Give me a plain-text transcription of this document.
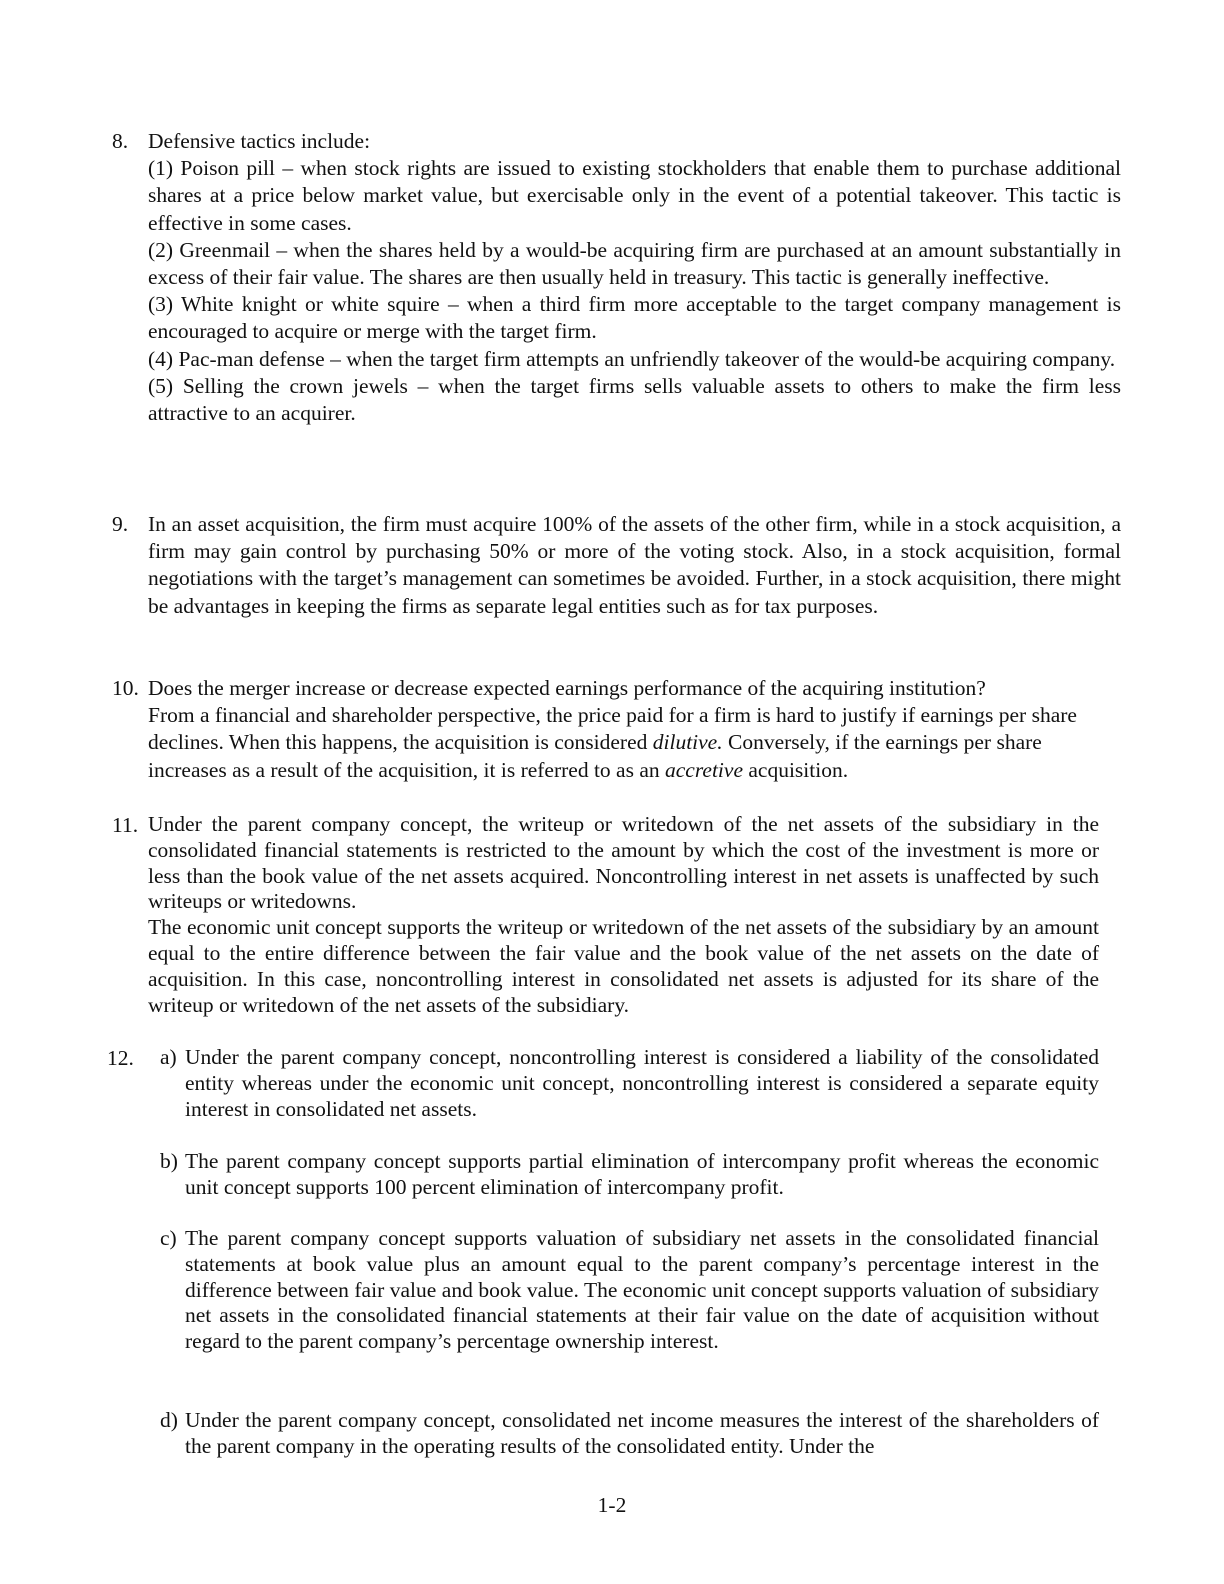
8. Defensive tactics include:

(1) Poison pill – when stock rights are issued to existing stockholders that enable them to purchase additional shares at a price below market value, but exercisable only in the event of a potential takeover. This tactic is effective in some cases.

(2) Greenmail – when the shares held by a would-be acquiring firm are purchased at an amount substantially in excess of their fair value. The shares are then usually held in treasury. This tactic is generally ineffective.

(3) White knight or white squire – when a third firm more acceptable to the target company management is encouraged to acquire or merge with the target firm.

(4) Pac-man defense – when the target firm attempts an unfriendly takeover of the would-be acquiring company.

(5) Selling the crown jewels – when the target firms sells valuable assets to others to make the firm less attractive to an acquirer.

9. In an asset acquisition, the firm must acquire 100% of the assets of the other firm, while in a stock acquisition, a firm may gain control by purchasing 50% or more of the voting stock. Also, in a stock acquisition, formal negotiations with the target’s management can sometimes be avoided. Further, in a stock acquisition, there might be advantages in keeping the firms as separate legal entities such as for tax purposes.

10. Does the merger increase or decrease expected earnings performance of the acquiring institution?

From a financial and shareholder perspective, the price paid for a firm is hard to justify if earnings per share declines. When this happens, the acquisition is considered dilutive. Conversely, if the earnings per share increases as a result of the acquisition, it is referred to as an accretive acquisition.

11. Under the parent company concept, the writeup or writedown of the net assets of the subsidiary in the consolidated financial statements is restricted to the amount by which the cost of the investment is more or less than the book value of the net assets acquired. Noncontrolling interest in net assets is unaffected by such writeups or writedowns.

The economic unit concept supports the writeup or writedown of the net assets of the subsidiary by an amount equal to the entire difference between the fair value and the book value of the net assets on the date of acquisition. In this case, noncontrolling interest in consolidated net assets is adjusted for its share of the writeup or writedown of the net assets of the subsidiary.

12. a) Under the parent company concept, noncontrolling interest is considered a liability of the consolidated entity whereas under the economic unit concept, noncontrolling interest is considered a separate equity interest in consolidated net assets.
b) The parent company concept supports partial elimination of intercompany profit whereas the economic unit concept supports 100 percent elimination of intercompany profit.
c) The parent company concept supports valuation of subsidiary net assets in the consolidated financial statements at book value plus an amount equal to the parent company’s percentage interest in the difference between fair value and book value. The economic unit concept supports valuation of subsidiary net assets in the consolidated financial statements at their fair value on the date of acquisition without regard to the parent company’s percentage ownership interest.
d) Under the parent company concept, consolidated net income measures the interest of the shareholders of the parent company in the operating results of the consolidated entity. Under the
1-2
